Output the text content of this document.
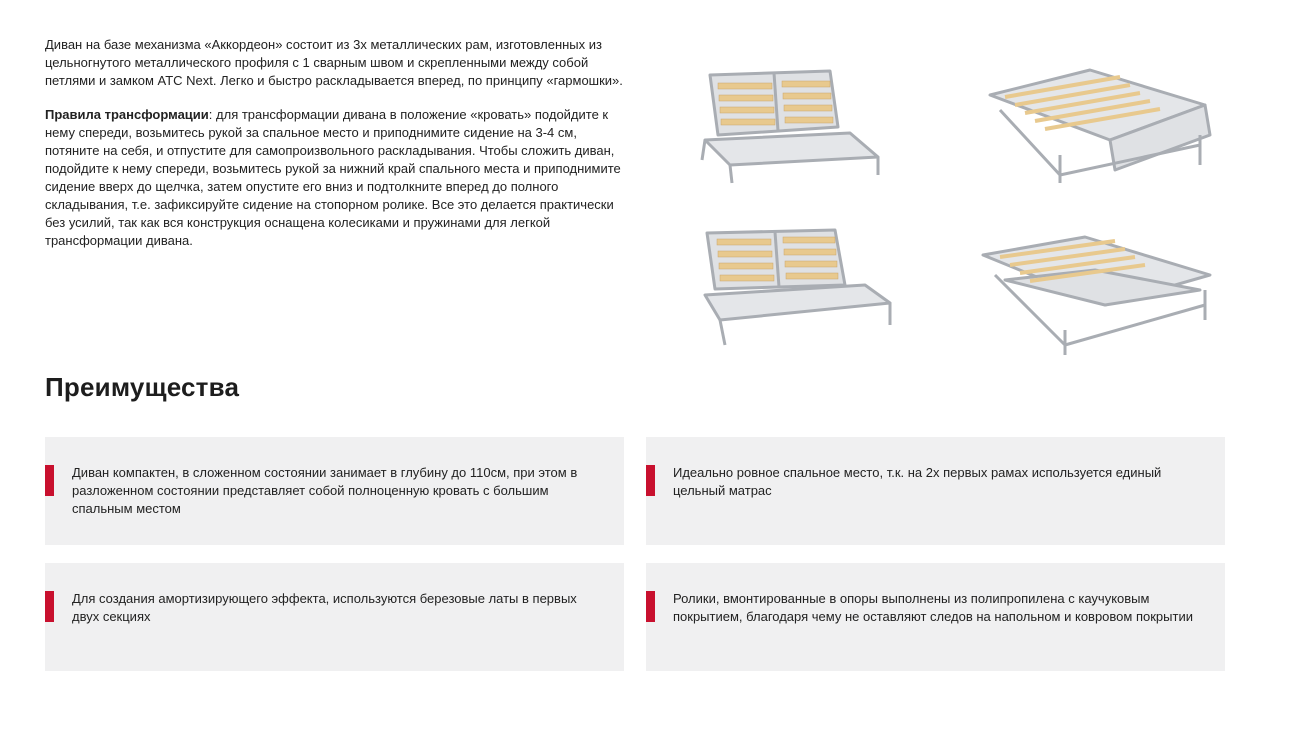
Диван на базе механизма «Аккордеон» состоит из 3х металлических рам, изготовленных из цельногнутого металлического профиля с 1 сварным швом и скрепленными между собой петлями и замком АТС Next. Легко и быстро раскладывается вперед, по принципу «гармошки».

Правила трансформации: для трансформации дивана в положение «кровать» подойдите к нему спереди, возьмитесь рукой за спальное место и приподнимите сидение на 3-4 см, потяните на себя, и отпустите для самопроизвольного раскладывания. Чтобы сложить диван, подойдите к нему спереди, возьмитесь рукой за нижний край спального места и приподнимите сидение вверх до щелчка, затем опустите его вниз и подтолкните вперед до полного складывания, т.е. зафиксируйте сидение на стопорном ролике. Все это делается практически без усилий, так как вся конструкция оснащена колесиками и пружинами для легкой трансформации дивана.

Преимущества
Диван компактен, в сложенном состоянии занимает в глубину до 110см, при этом в разложенном состоянии представляет собой полноценную кровать с большим спальным местом
Идеально ровное спальное место, т.к. на 2х первых рамах используется единый цельный матрас
Для создания амортизирующего эффекта, используются березовые латы в первых двух секциях
Ролики, вмонтированные в опоры выполнены из полипропилена с каучуковым покрытием, благодаря чему не оставляют следов на напольном и ковровом покрытии
